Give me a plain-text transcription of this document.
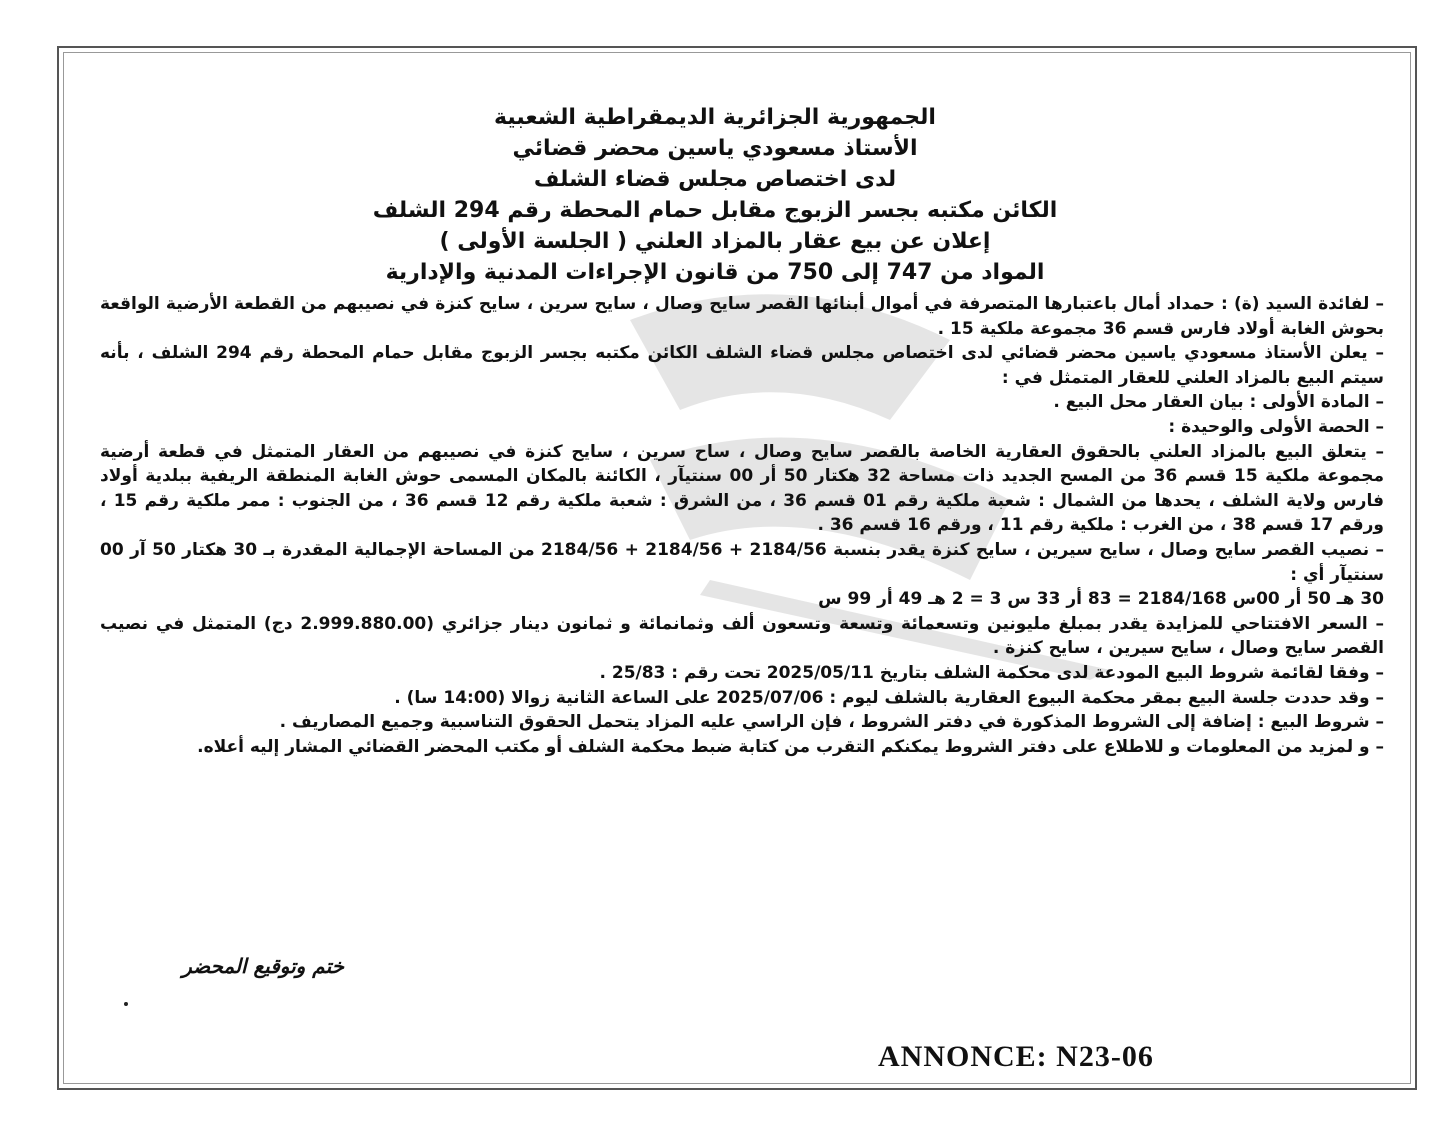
الجمهورية الجزائرية الديمقراطية الشعبية
الأستاذ مسعودي ياسين محضر قضائي
لدى اختصاص مجلس قضاء الشلف
الكائن مكتبه بجسر الزبوج مقابل حمام المحطة رقم 294 الشلف
إعلان عن بيع عقار بالمزاد العلني ( الجلسة الأولى )
المواد من 747 إلى 750 من قانون الإجراءات المدنية والإدارية

– لفائدة السيد (ة) : حمداد أمال باعتبارها المتصرفة في أموال أبنائها القصر سايح وصال ، سايح سرين ، سايح كنزة في نصيبهم من القطعة الأرضية الواقعة بحوش الغابة أولاد فارس قسم 36 مجموعة ملكية 15 .

– يعلن الأستاذ مسعودي ياسين محضر قضائي لدى اختصاص مجلس قضاء الشلف الكائن مكتبه بجسر الزبوج مقابل حمام المحطة رقم 294 الشلف ، بأنه سيتم البيع بالمزاد العلني للعقار المتمثل في :

– المادة الأولى : بيان العقار محل البيع .

– الحصة الأولى والوحيدة :

– يتعلق البيع بالمزاد العلني بالحقوق العقارية الخاصة بالقصر سايح وصال ، ساح سرين ، سايح كنزة في نصيبهم من العقار المتمثل في قطعة أرضية مجموعة ملكية 15 قسم 36 من المسح الجديد ذات مساحة 32 هكتار 50 أر 00 سنتيآر ، الكائنة بالمكان المسمى حوش الغابة المنطقة الريفية ببلدية أولاد فارس ولاية الشلف ، يحدها من الشمال : شعبة ملكية رقم 01 قسم 36 ، من الشرق : شعبة ملكية رقم 12 قسم 36 ، من الجنوب : ممر ملكية رقم 15 ، ورقم 17 قسم 38 ، من الغرب : ملكية رقم 11 ، ورقم 16 قسم 36 .

– نصيب القصر سايح وصال ، سايح سيرين ، سايح كنزة يقدر بنسبة 2184/56 + 2184/56 + 2184/56 من المساحة الإجمالية المقدرة بـ 30 هكتار 50 آر 00 سنتيآر أي :

30 هـ 50 أر 00س 2184/168 = 83 أر 33 س 3 = 2 هـ 49 أر 99 س

– السعر الافتتاحي للمزايدة يقدر بمبلغ مليونين وتسعمائة وتسعة وتسعون ألف وثمانمائة و ثمانون دينار جزائري (2.999.880.00 دج) المتمثل في نصيب القصر سايح وصال ، سايح سيرين ، سايح كنزة .

– وفقا لقائمة شروط البيع المودعة لدى محكمة الشلف بتاريخ 2025/05/11 تحت رقم : 25/83 .

– وقد حددت جلسة البيع بمقر محكمة البيوع العقارية بالشلف ليوم : 2025/07/06 على الساعة الثانية زوالا (14:00 سا) .

– شروط البيع : إضافة إلى الشروط المذكورة في دفتر الشروط ، فإن الراسي عليه المزاد يتحمل الحقوق التناسبية وجميع المصاريف .

– و لمزيد من المعلومات و للاطلاع على دفتر الشروط يمكنكم التقرب من كتابة ضبط محكمة الشلف أو مكتب المحضر القضائي المشار إليه أعلاه.

ختم وتوقيع المحضر
ANNONCE: N23-06
